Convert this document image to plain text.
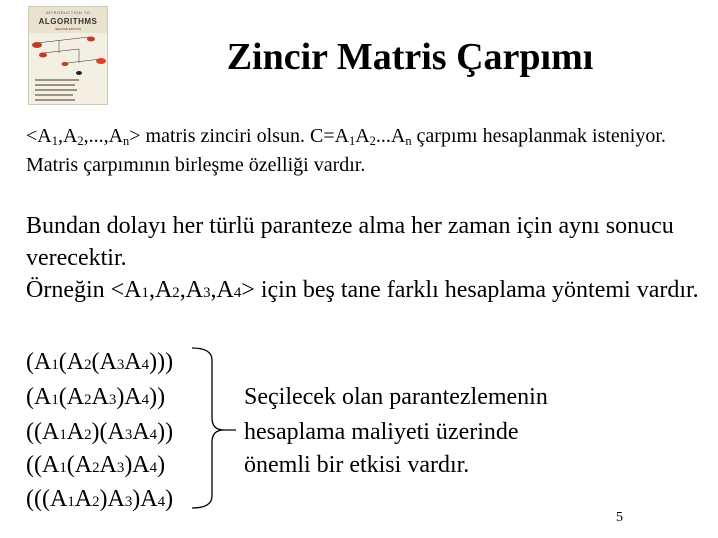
INTRODUCTION TO
ALGORITHMS
SECOND EDITION
Zincir Matris Çarpımı
$<A_1,A_2,...,A_n>$ matris zinciri olsun. $C=A_1A_2...A_n$ çarpımı hesaplanmak isteniyor. Matris çarpımının birleşme özelliği vardır.
Bundan dolayı her türlü paranteze alma her zaman için aynı sonucu verecektir.
Örneğin <A1,A2,A3,A4> için beş tane farklı hesaplama yöntemi vardır.
(A1(A2(A3A4)))
(A1(A2A3)A4))
((A1A2)(A3A4))
((A1(A2A3)A4)
(((A1A2)A3)A4)
Seçilecek olan parantezlemenin
hesaplama maliyeti üzerinde
önemli bir etkisi vardır.
5
